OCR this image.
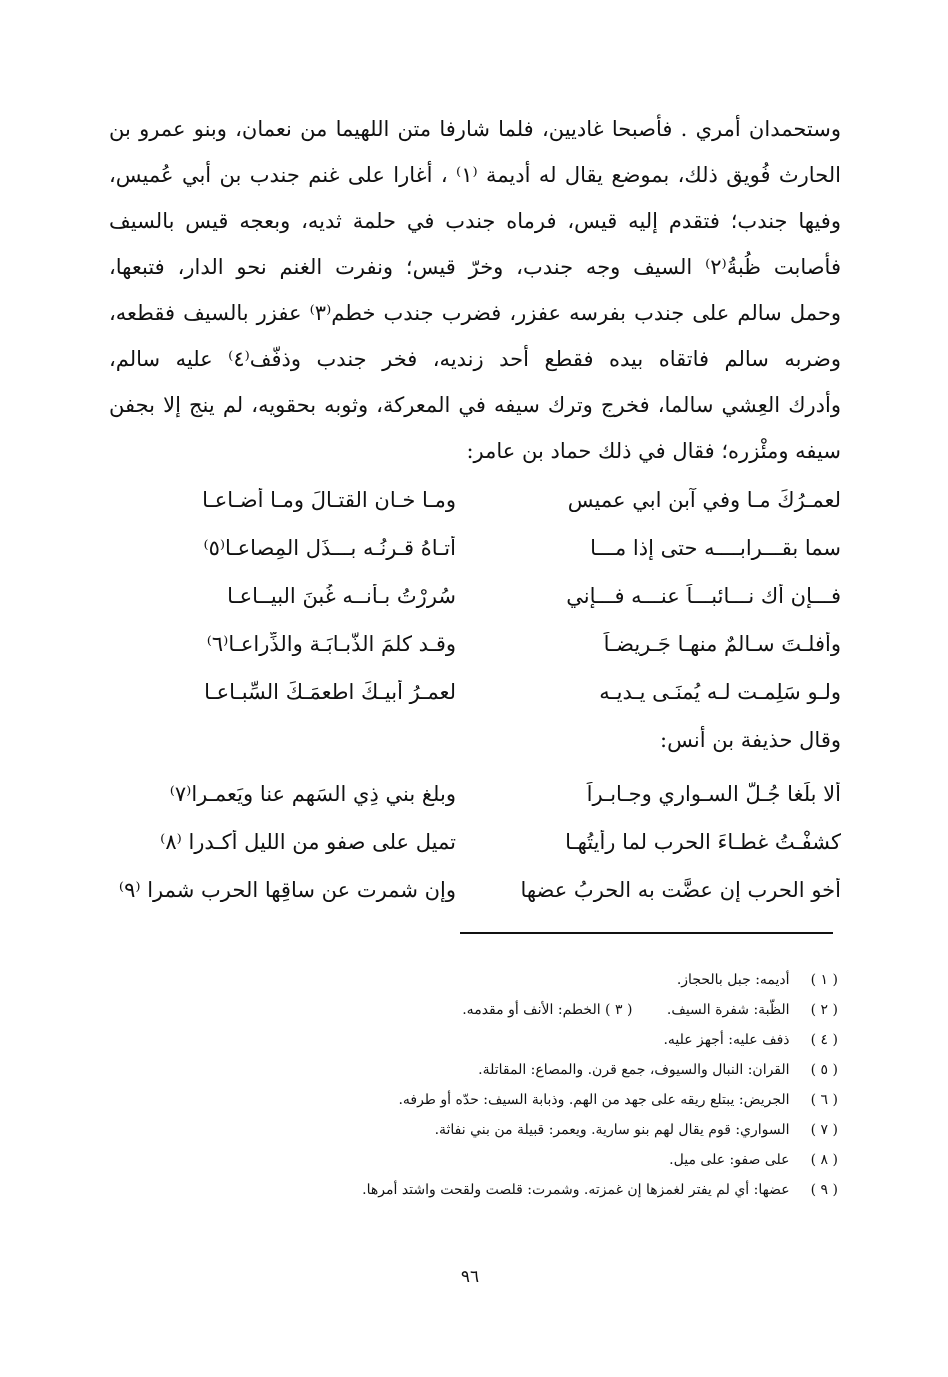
وستحمدان أمري . فأصبحا غاديين، فلما شارفا متن اللهيما من نعمان، وبنو عمرو بن
الحارث فُويق ذلك، بموضع يقال له أديمة ⁽١⁾ ، أغارا على غنم جندب بن أبي عُميس،
وفيها جندب؛ فتقدم إليه قيس، فرماه جندب في حلمة ثديه، وبعجه قيس بالسيف
فأصابت ظُبةُ⁽٢⁾ السيف وجه جندب، وخرّ قيس؛ ونفرت الغنم نحو الدار، فتبعها،
وحمل سالم على جندب بفرسه عفزر، فضرب جندب خطم⁽٣⁾ عفزر بالسيف فقطعه،
وضربه سالم فاتقاه بيده فقطع أحد زنديه، فخر جندب وذفّف⁽٤⁾ عليه سالم،
وأدرك العِشي سالما، فخرج وترك سيفه في المعركة، وثوبه بحقويه، لم ينج إلا بجفن
سيفه ومئْزره؛ فقال في ذلك حماد بن عامر:
لعمـرُكَ مـا وفي آبن ابي عميسٍ
ومـا خـان القتـالَ ومـا أضـاعـا
سما بقـــرابــــه حتى إذا مـــا
أتـاهُ قـرنُـه بـــذَل المِصاعـا⁽٥⁾
فـــإن أك نـــائبـــاً عنـــه فـــإني
سُرِرْتُ بـأنــه غُبنَ البيــاعـا
وأفلـتَ سـالمٌ منهـا جَـريضـاً
وقـد كلمَ الذُّبـابَـة والذِّراعـا⁽٦⁾
ولـو سَلِمـت لـه يُمنَـى يـديـه
لعمـرُ أبيـكَ اطعمَـكَ السِّبـاعـا
وقال حذيفة بن أنس:
ألا بلِّغا جُـلَّ السـواري وجـابـراً
وبلغ بني ذِي السَهم عنا ويَعمـرا⁽٧⁾
كشفْـتُ غطـاءَ الحرب لما رأيتُهـا
تميل على صفوٍ من الليلِ أكـدرا ⁽٨⁾
أخو الحرب إن عضَّت به الحربُ عضها
وإن شمرت عن ساقِها الحرب شمرا ⁽٩⁾
( ١ ) أديمه: جبل بالحجاز.
( ٢ ) الظّبة: شفرة السيف. ( ٣ ) الخطم: الأنف أو مقدمه.
( ٤ ) ذفف عليه: أجهز عليه.
( ٥ ) القران: النبال والسيوف، جمع قرن. والمصاع: المقاتلة.
( ٦ ) الجريض: يبتلع ريقه على جهد من الهم. وذبابة السيف: حدّه أو طرفه.
( ٧ ) السواري: قوم يقال لهم بنو سارية. ويعمر: قبيلة من بني نفاثة.
( ٨ ) على صفو: على ميل.
( ٩ ) عضها: أي لم يفتر لغمزها إن غمزته. وشمرت: قلصت ولقحت واشتد أمرها.
٩٦
